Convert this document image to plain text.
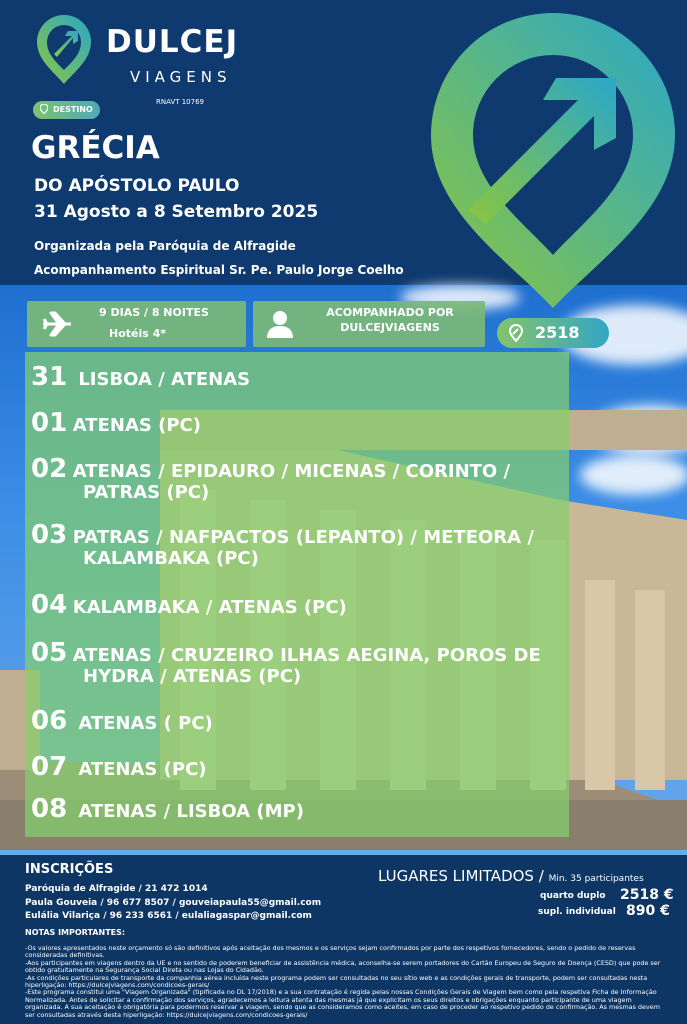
DULCEJ
VIAGENS
RNAVT 10769
DESTINO
GRÉCIA
DO APÓSTOLO PAULO
31 Agosto a 8 Setembro 2025
Organizada pela Paróquia de Alfragide
Acompanhamento Espiritual Sr. Pe. Paulo Jorge Coelho
9 DIAS / 8 NOITES
Hotéis 4*
ACOMPANHADO POR
DULCEJVIAGENS	2518
31 LISBOA / ATENAS
01 ATENAS (PC)
02 ATENAS / EPIDAURO / MICENAS / CORINTO /
PATRAS (PC)
03 PATRAS / NAFPACTOS (LEPANTO) / METEORA /
KALAMBAKA (PC)
04 KALAMBAKA / ATENAS (PC)
05 ATENAS / CRUZEIRO ILHAS AEGINA, POROS DE
HYDRA / ATENAS (PC)
06 ATENAS ( PC)
07 ATENAS (PC)
08 ATENAS / LISBOA (MP)
INSCRIÇÕES
Paróquia de Alfragide / 21 472 1014
Paula Gouveia / 96 677 8507 / gouveiapaula55@gmail.com
Eulália Vilariça / 96 233 6561 / eulaliagaspar@gmail.com
LUGARES LIMITADOS / Min. 35 participantes
quarto duplo 2518 €
supl. individual 890 €
NOTAS IMPORTANTES:
-Os valores apresentados neste orçamento só são definitivos após aceitação dos mesmos e os serviços sejam confirmados por parte dos respetivos fornecedores, sendo o pedido de reservas consideradas definitivas.
-Aos participantes em viagens dentro da UE e no sentido de poderem beneficiar de assistência médica, aconselha-se serem portadores do Cartão Europeu de Seguro de Doença (CESD) que pode ser obtido gratuitamente na Segurança Social Direta ou nas Lojas do Cidadão.
-As condições particulares de transporte da companhia aérea incluída neste programa podem ser consultadas no seu sítio web e as condições gerais de transporte, podem ser consultadas nesta hiperligação: https://dulcejviagens.com/condicoes-gerais/
-Este programa constitui uma "Viagem Organizada" (tipificada no DL 17/2018) e a sua contratação é regida pelas nossas Condições Gerais de Viagem bem como pela respetiva Ficha de Informação Normalizada. Antes de solicitar a confirmação dos serviços, agradecemos a leitura atenta das mesmas já que explicitam os seus direitos e obrigações enquanto participante de uma viagem organizada. A sua aceitação é obrigatória para podermos reservar a viagem, sendo que as consideramos como aceites, em caso de proceder ao respetivo pedido de confirmação. As mesmas devem ser consultadas através desta hiperligação: https://dulcejviagens.com/condicoes-gerais/
